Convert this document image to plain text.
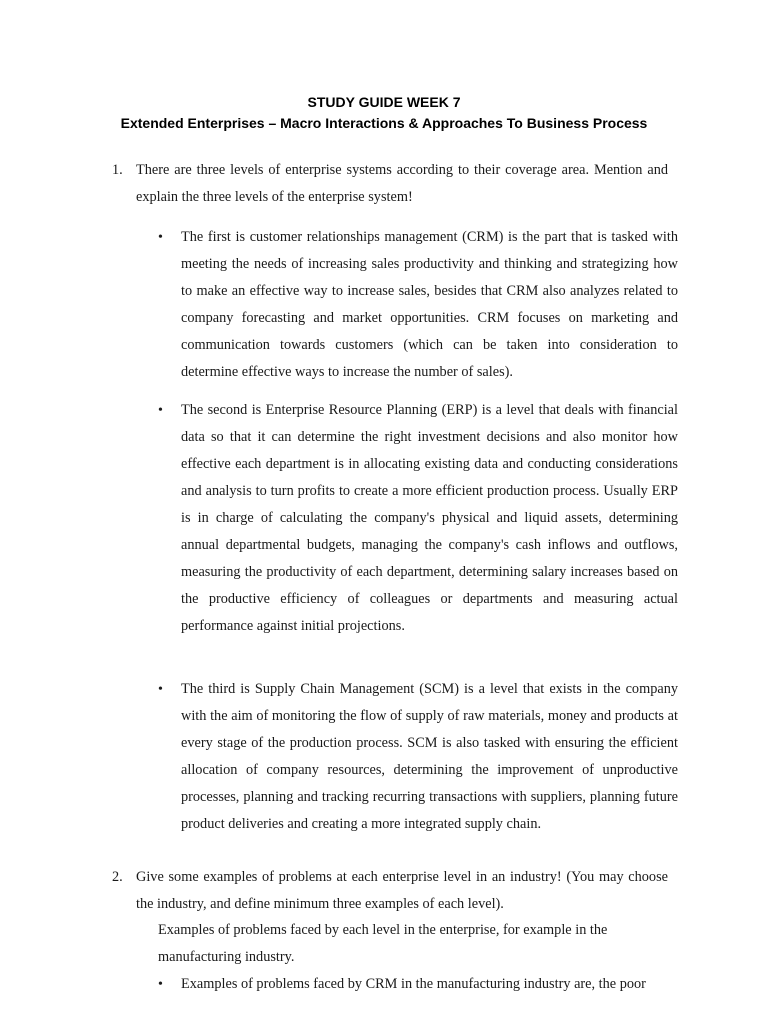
STUDY GUIDE WEEK 7
Extended Enterprises – Macro Interactions & Approaches To Business Process
1. There are three levels of enterprise systems according to their coverage area. Mention and explain the three levels of the enterprise system!
•	The first is customer relationships management (CRM) is the part that is tasked with meeting the needs of increasing sales productivity and thinking and strategizing how to make an effective way to increase sales, besides that CRM also analyzes related to company forecasting and market opportunities. CRM focuses on marketing and communication towards customers (which can be taken into consideration to determine effective ways to increase the number of sales).
•	The second is Enterprise Resource Planning (ERP) is a level that deals with financial data so that it can determine the right investment decisions and also monitor how effective each department is in allocating existing data and conducting considerations and analysis to turn profits to create a more efficient production process. Usually ERP is in charge of calculating the company's physical and liquid assets, determining annual departmental budgets, managing the company's cash inflows and outflows, measuring the productivity of each department, determining salary increases based on the productive efficiency of colleagues or departments and measuring actual performance against initial projections.
•	The third is Supply Chain Management (SCM) is a level that exists in the company with the aim of monitoring the flow of supply of raw materials, money and products at every stage of the production process. SCM is also tasked with ensuring the efficient allocation of company resources, determining the improvement of unproductive processes, planning and tracking recurring transactions with suppliers, planning future product deliveries and creating a more integrated supply chain.
2. Give some examples of problems at each enterprise level in an industry! (You may choose the industry, and define minimum three examples of each level).
Examples of problems faced by each level in the enterprise, for example in the manufacturing industry.
•	Examples of problems faced by CRM in the manufacturing industry are, the poor
